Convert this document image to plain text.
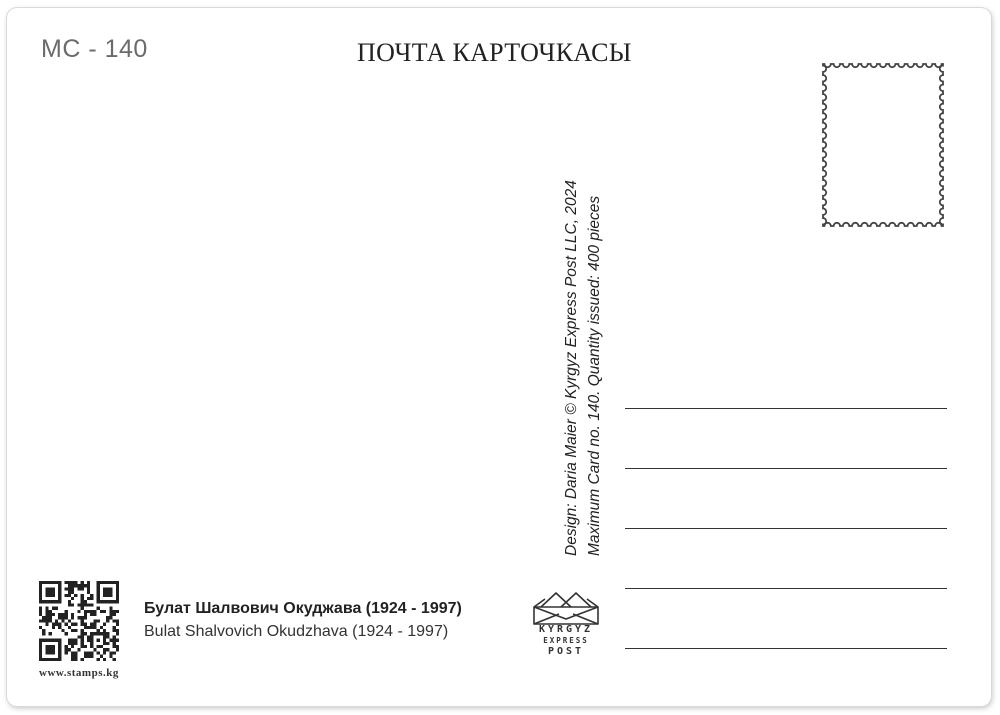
MC - 140	ПОЧТА КАРТОЧКАСЫ
Design: Daria Maier © Kyrgyz Express Post LLC, 2024 Maximum Card no. 140. Quantity issued: 400 pieces
www.stamps.kg
Булат Шалвович Окуджава (1924 - 1997)
Bulat Shalvovich Okudzhava (1924 - 1997)	KYRGYZ
EXPRESS
POST
